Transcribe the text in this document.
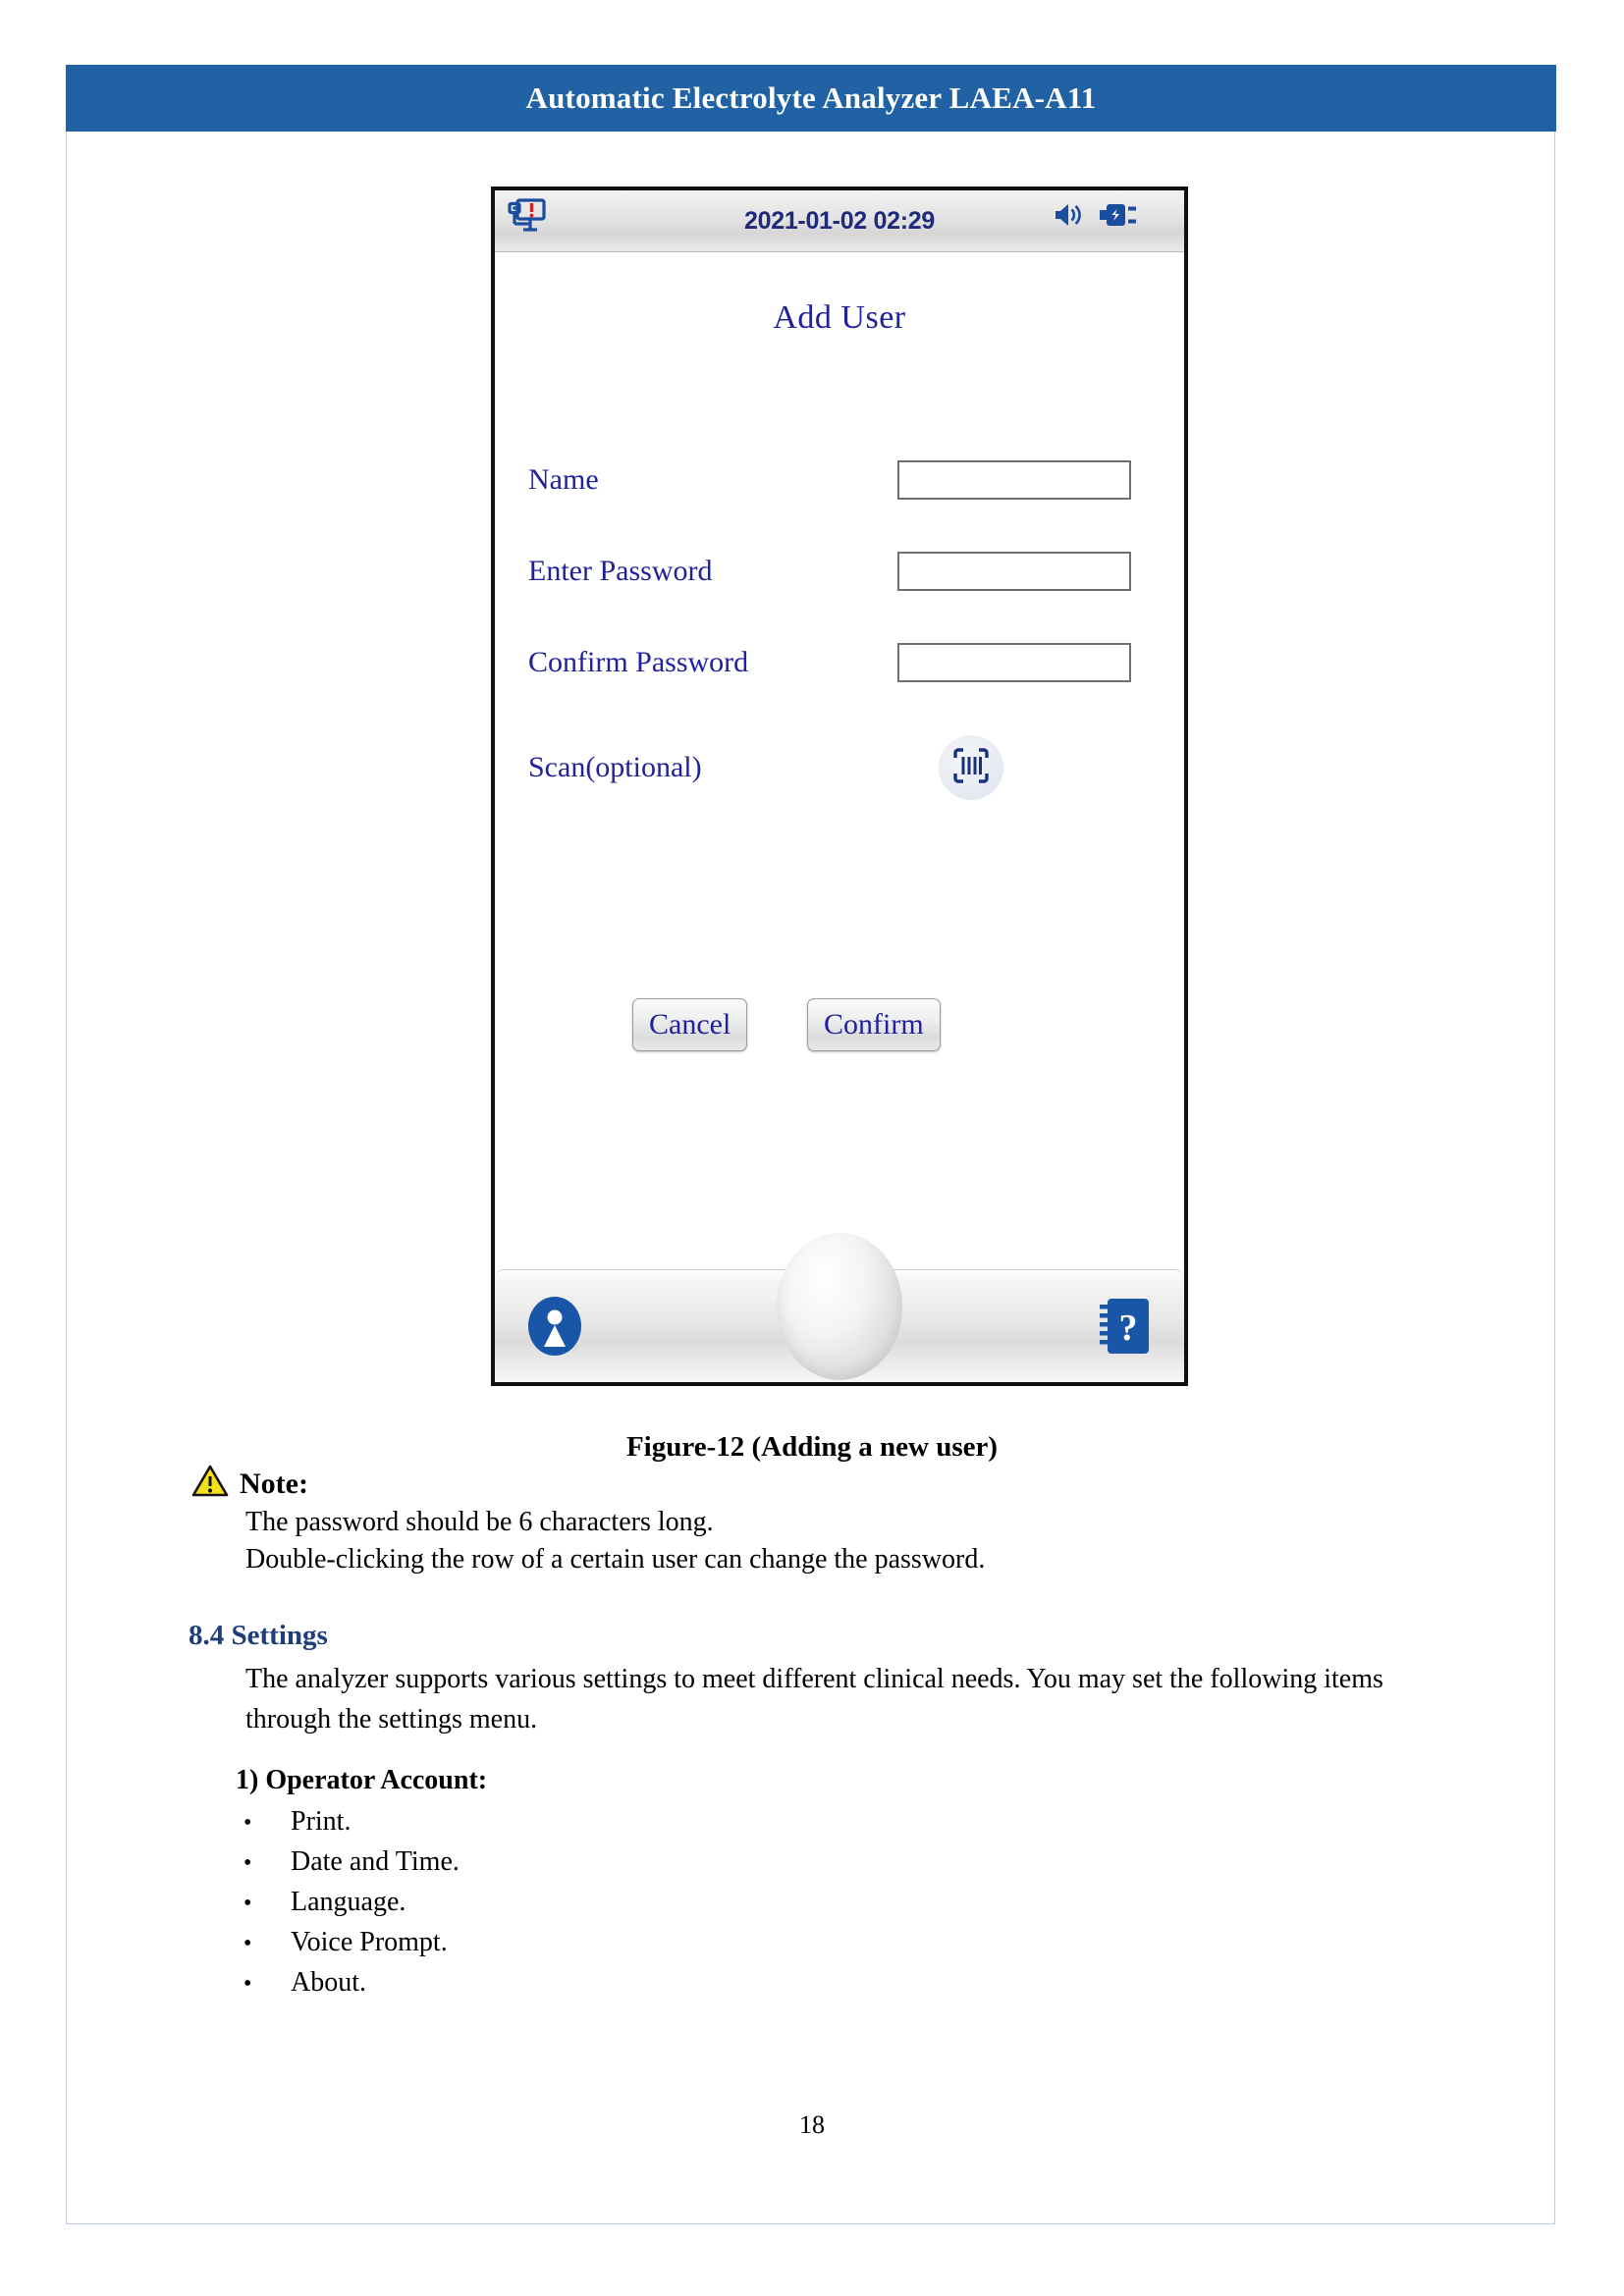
Automatic Electrolyte Analyzer LAEA-A11
2021-01-02 02:29
Add User
Name
Enter Password
Confirm Password
Scan(optional)
Cancel	Confirm
?
Figure-12 (Adding a new user)
Note:
The password should be 6 characters long.
Double-clicking the row of a certain user can change the password.
8.4 Settings
The analyzer supports various settings to meet different clinical needs. You may set the following items through the settings menu.
1) Operator Account:
•	Print.
•	Date and Time.
•	Language.
•	Voice Prompt.
•	About.
18
